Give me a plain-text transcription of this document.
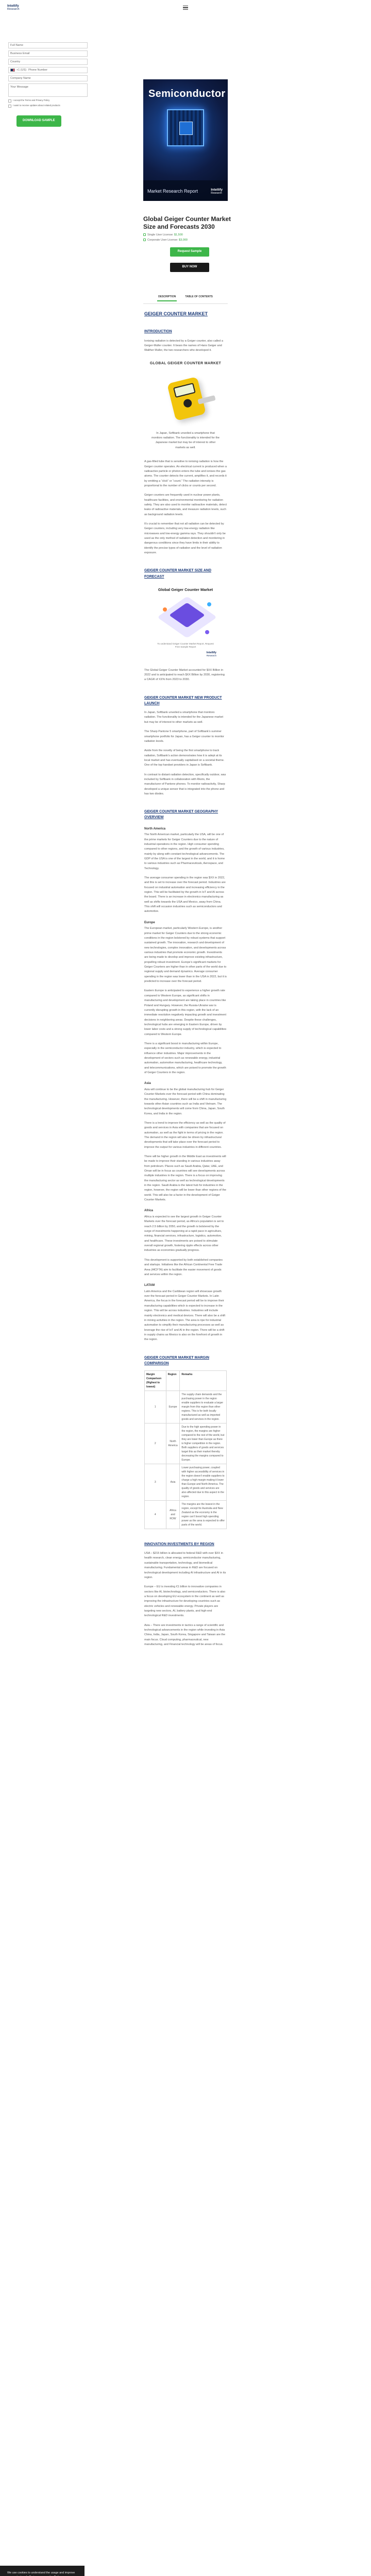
Intellify
Research
Full Name
Business Email
Country
+1 (US) Phone Number
Company Name
Your Message
I accept the Terms and Privacy Policy
I want to receive updates about related products
DOWNLOAD SAMPLE
Semiconductor
Market Research Report	Intellify
Research
Global Geiger Counter Market Size and Forecasts 2030
Single User License: $1,500
Corporate User License: $3,000
Request Sample
BUY NOW
DESCRIPTION	TABLE OF CONTENTS
GEIGER COUNTER MARKET
INTRODUCTION

Ionising radiation is detected by a Geiger counter, also called a Geiger-Muller counter. It bears the names of Hans Geiger and Walther Muller, the two researchers who developed it.

GLOBAL GEIGER COUNTER MARKET

In Japan, Softbank unveiled a smartphone that monitors radiation. The functionality is intended for the Japanese market but may be of interest to other markets as well.

A gas-filled tube that is sensitive to ionising radiation is how the Geiger counter operates. An electrical current is produced when a radioactive particle or photon enters the tube and ionises the gas atoms. The counter detects the current, amplifies it, and records it by emitting a “click” or “count.” The radiation intensity is proportional to the number of clicks or counts per second.

Geiger counters are frequently used in nuclear power plants, healthcare facilities, and environmental monitoring for radiation safety. They are also used to monitor radioactive materials, detect leaks of radioactive materials, and measure radiation levels, such as background radiation levels.

It’s crucial to remember that not all radiation can be detected by Geiger counters, including very low-energy radiation like microwaves and low-energy gamma rays. They shouldn’t only be used as the only method of radiation detection and monitoring in dangerous conditions since they have limits in their ability to identify the precise types of radiation and the level of radiation exposure.

GEIGER COUNTER MARKET SIZE AND FORECAST
Global Geiger Counter Market
To understand Geiger Counter Market Report, Request Free Sample Report
Intellify
Research

The Global Geiger Counter Market accounted for $XX Billion in 2022 and is anticipated to reach $XX Billion by 2030, registering a CAGR of XX% from 2023 to 2030.

GEIGER COUNTER MARKET NEW PRODUCT LAUNCH

In Japan, Softbank unveiled a smartphone that monitors radiation. The functionality is intended for the Japanese market but may be of interest to other markets as well.

The Sharp Pantone 5 smartphone, part of Softbank’s summer smartphone portfolio for Japan, has a Geiger counter to monitor radiation levels.

Aside from the novelty of being the first smartphone to track radiation, Softbank’s action demonstrates how it is adept at its local market and has eventually capitalised on a societal theme. One of the top handset providers in Japan is Softbank.

In contrast to distant radiation detection, specifically outdoor, was included by Softbank in collaboration with Rkoto, the manufacturer of Pantone phones. To monitor radioactivity, Sharp developed a unique sensor that is integrated into the phone and has two diodes.

GEIGER COUNTER MARKET GEOGRAPHY OVERVIEW
North America

The North American market, particularly the USA, will be one of the prime markets for Geiger Counters due to the nature of industrial operations in the region. High consumer spending compared to other regions, and the growth of various industries, mainly by along with constant technological advancements. The GDP of the USA is one of the largest in the world, and it is home to various industries such as Pharmaceuticals, Aerospace, and Technology.

The average consumer spending in the region was $XX in 2022, and this is set to increase over the forecast period. Industries are focused on industrial automation and increasing efficiency in the region. This will be facilitated by the growth in IoT and AI across the board. There is an increase in electronics manufacturing as well as shifts towards the USA and Mexico, away from China. This shift will occasion industries such as semiconductors and automotive.

Europe

The European market, particularly Western Europe, is another prime market for Geiger Counters due to the strong economic conditions in the region bolstered by robust systems that support sustained growth. The innovation, research and development of new technologies, complex innovation, and developments across various industries that promote economic growth. Investments are being made to develop and improve existing infrastructure, propelling robust investment. Europe’s significant markets for Geiger Counters are higher than in other parts of the world due to regional supply and demand dynamics. Average consumer spending in the region was lower than in the USA in 2022, but it is predicted to increase over the forecast period.

Eastern Europe is anticipated to experience a higher growth rate compared to Western Europe, as significant shifts in manufacturing and development are taking place in countries like Poland and Hungary. However, the Russia-Ukraine war is currently disrupting growth in this region, with the lack of an immediate resolution negatively impacting growth and investment decisions in neighboring areas. Despite these challenges, technological hubs are emerging in Eastern Europe, driven by lower labor costs and a strong supply of technological capabilities compared to Western Europe.

There is a significant boost in manufacturing within Europe, especially in the semiconductor industry, which is expected to influence other industries. Major improvements in the development of sectors such as renewable energy, industrial automation, automotive manufacturing, healthcare technology, and telecommunications, which are poised to promote the growth of Geiger Counters in the region.

Asia

Asia will continue to be the global manufacturing hub for Geiger Counter Markets over the forecast period with China dominating the manufacturing. However, there will be a shift in manufacturing towards other Asian countries such as India and Vietnam. The technological developments will come from China, Japan, South Korea, and India in the region.

There is a trend to improve the efficiency as well as the quality of goods and services in Asia with companies that are focused on automation, as well as the fight in terms of pricing in the region. The demand in the region will also be driven by infrastructural developments that will take place over the forecast period to improve the output for various industries in different countries.

There will be higher growth in the Middle East as investments will be made to improve their standing in various industries away from petroleum. Places such as Saudi Arabia, Qatar, UAE, and Oman will be in focus as countries will see developments across multiple industries in the region. There is a focus on improving the manufacturing sector as well as technological developments in the region. Saudi Arabia is the latest hub for industries in the region, however, the region will be lower than other regions of the world. This will also be a factor in the development of Geiger Counter Markets.

Africa

Africa is expected to see the largest growth in Geiger Counter Markets over the forecast period, as Africa’s population is set to reach 2.5 billion by 2050, and the growth is bolstered by the surge of investments happening at a rapid pace in agriculture, mining, financial services, infrastructure, logistics, automotive, and healthcare. These investments are poised to stimulate overall regional growth, fostering ripple effects across other industries as economies gradually progress.

This development is supported by both established companies and startups. Initiatives like the African Continental Free Trade Area (AfCFTA) aim to facilitate the easier movement of goods and services within the region.

LATAM

Latin America and the Caribbean region will showcase growth over the forecast period in Geiger Counter Markets. In Latin America, the focus in the forecast period will be to improve their manufacturing capabilities which is expected to increase in the region. This will be across industries. Industries will include mainly electronics and medical devices. There will also be a shift in mining activities in the region. The area is ripe for industrial automation to simplify their manufacturing processes as well as leverage the rise of IoT and AI in the region. There will be a shift in supply chains as Mexico is also on the forefront of growth in the region.

GEIGER COUNTER MARKET MARGIN COMPARISON
Margin Comparison (Highest to lowest)	Region	Remarks
1	Europe	The supply chain demands and the purchasing power in the region enable suppliers to evaluate a larger margin from this region than other regions. This is for both locally manufactured as well as imported goods and services in the region.
2	North America	Due to the high spending power in the region, the margins are higher compared to the rest of the world, but they are lower than Europe as there is higher competition in the region. Both suppliers of goods and services target this as their market thereby decreasing the margins compared to Europe.
3	Asia	Lower purchasing power, coupled with higher accessibility of services in the region doesn’t enable suppliers to charge a high margin making it lower than Europe and North America. The quality of goods and services are also affected due to this aspect in the region.
4	Africa and ROW	The margins are the lowest in the region, except for Australia and New Zealand as the economy in the region can’t boost high spending power as the area is expected to offer parts of the world.
INNOVATION INVESTMENTS BY REGION

USA – $215 billion is allocated to federal R&D with over $XX in health research, clean energy, semiconductor manufacturing, sustainable transportation, technology, and biomedical manufacturing. Fundamental areas in R&D are focused on technological development including AI infrastructure and AI in its region.

Europe – EU is investing €1 billion to innovative companies in sectors like AI, biotechnology, and semiconductors. There is also a focus on developing EU ecosystem in the continent as well as improving the infrastructure for developing countries such as electric vehicles and renewable energy. Private players are targeting new sectors, AI, battery plants, and high-end technological R&D investments.

Asia – There are investments in tactics a range of scientific and technological advancements in the region while investing in Asia China, India, Japan, South Korea, Singapore and Taiwan are the main focus. Cloud computing, pharmaceutical, new manufacturing, and Financial technology will be areas of focus.

We use cookies to understand the usage and improve
